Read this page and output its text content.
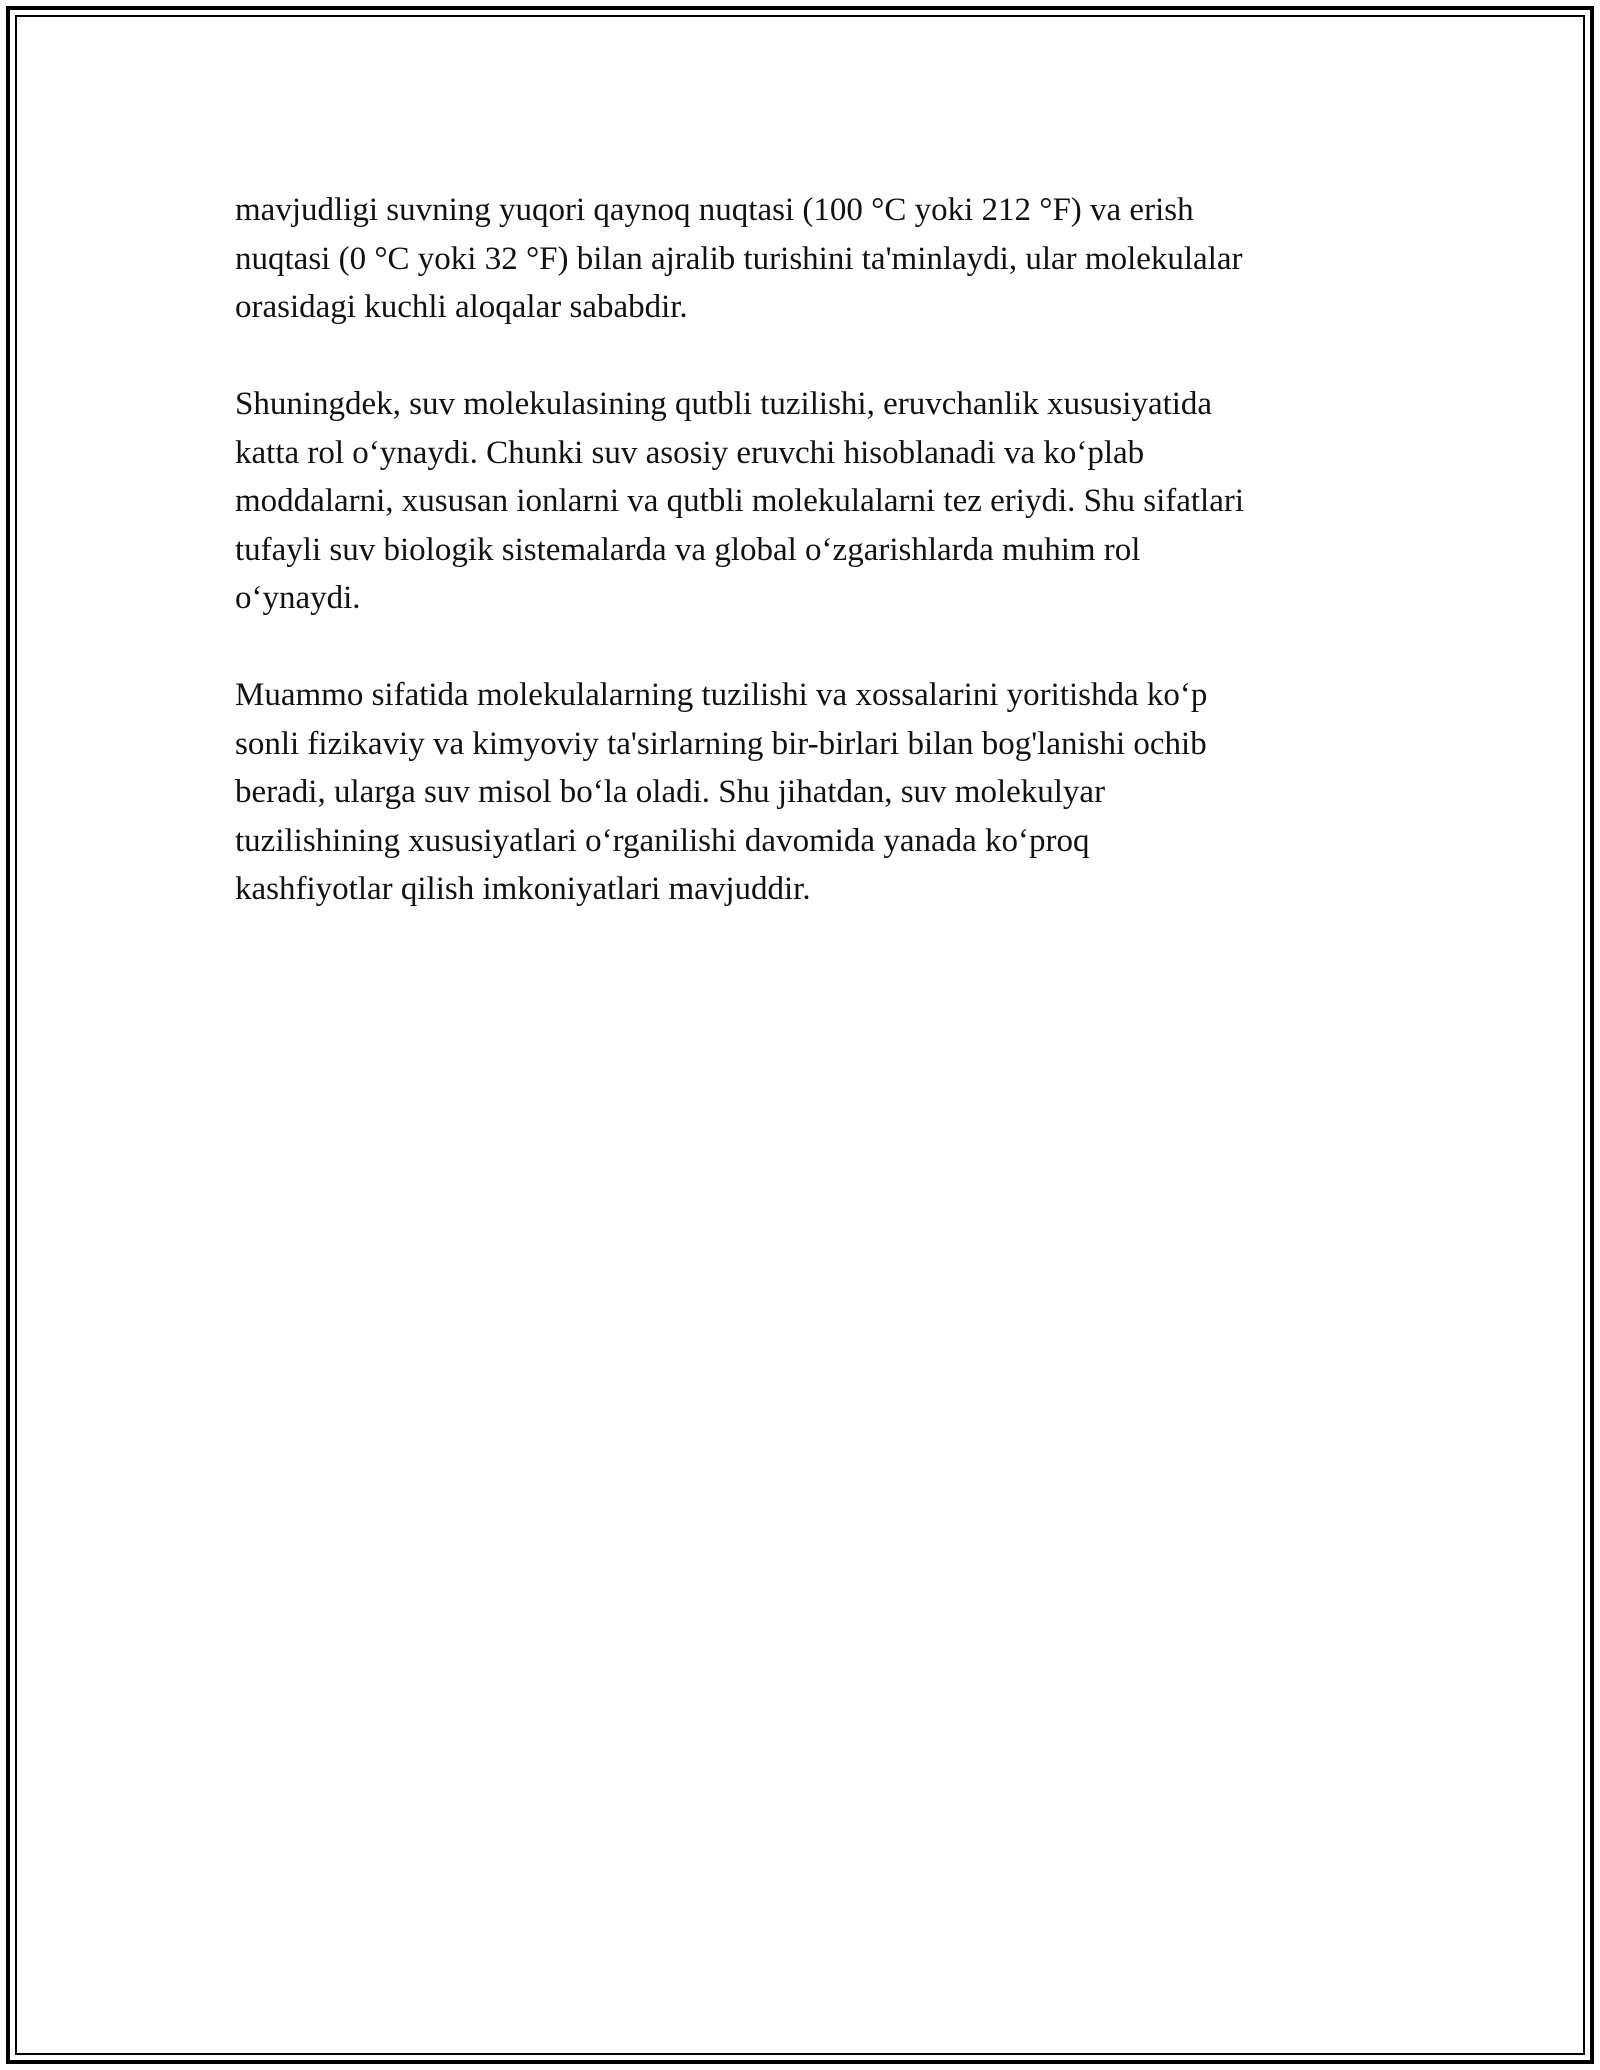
mavjudligi suvning yuqori qaynoq nuqtasi (100 °C yoki 212 °F) va erish
nuqtasi (0 °C yoki 32 °F) bilan ajralib turishini ta'minlaydi, ular molekulalar
orasidagi kuchli aloqalar sababdir.

Shuningdek, suv molekulasining qutbli tuzilishi, eruvchanlik xususiyatida
katta rol o‘ynaydi. Chunki suv asosiy eruvchi hisoblanadi va ko‘plab
moddalarni, xususan ionlarni va qutbli molekulalarni tez eriydi. Shu sifatlari
tufayli suv biologik sistemalarda va global o‘zgarishlarda muhim rol
o‘ynaydi.

Muammo sifatida molekulalarning tuzilishi va xossalarini yoritishda ko‘p
sonli fizikaviy va kimyoviy ta'sirlarning bir-birlari bilan bog'lanishi ochib
beradi, ularga suv misol bo‘la oladi. Shu jihatdan, suv molekulyar
tuzilishining xususiyatlari o‘rganilishi davomida yanada ko‘proq
kashfiyotlar qilish imkoniyatlari mavjuddir.
